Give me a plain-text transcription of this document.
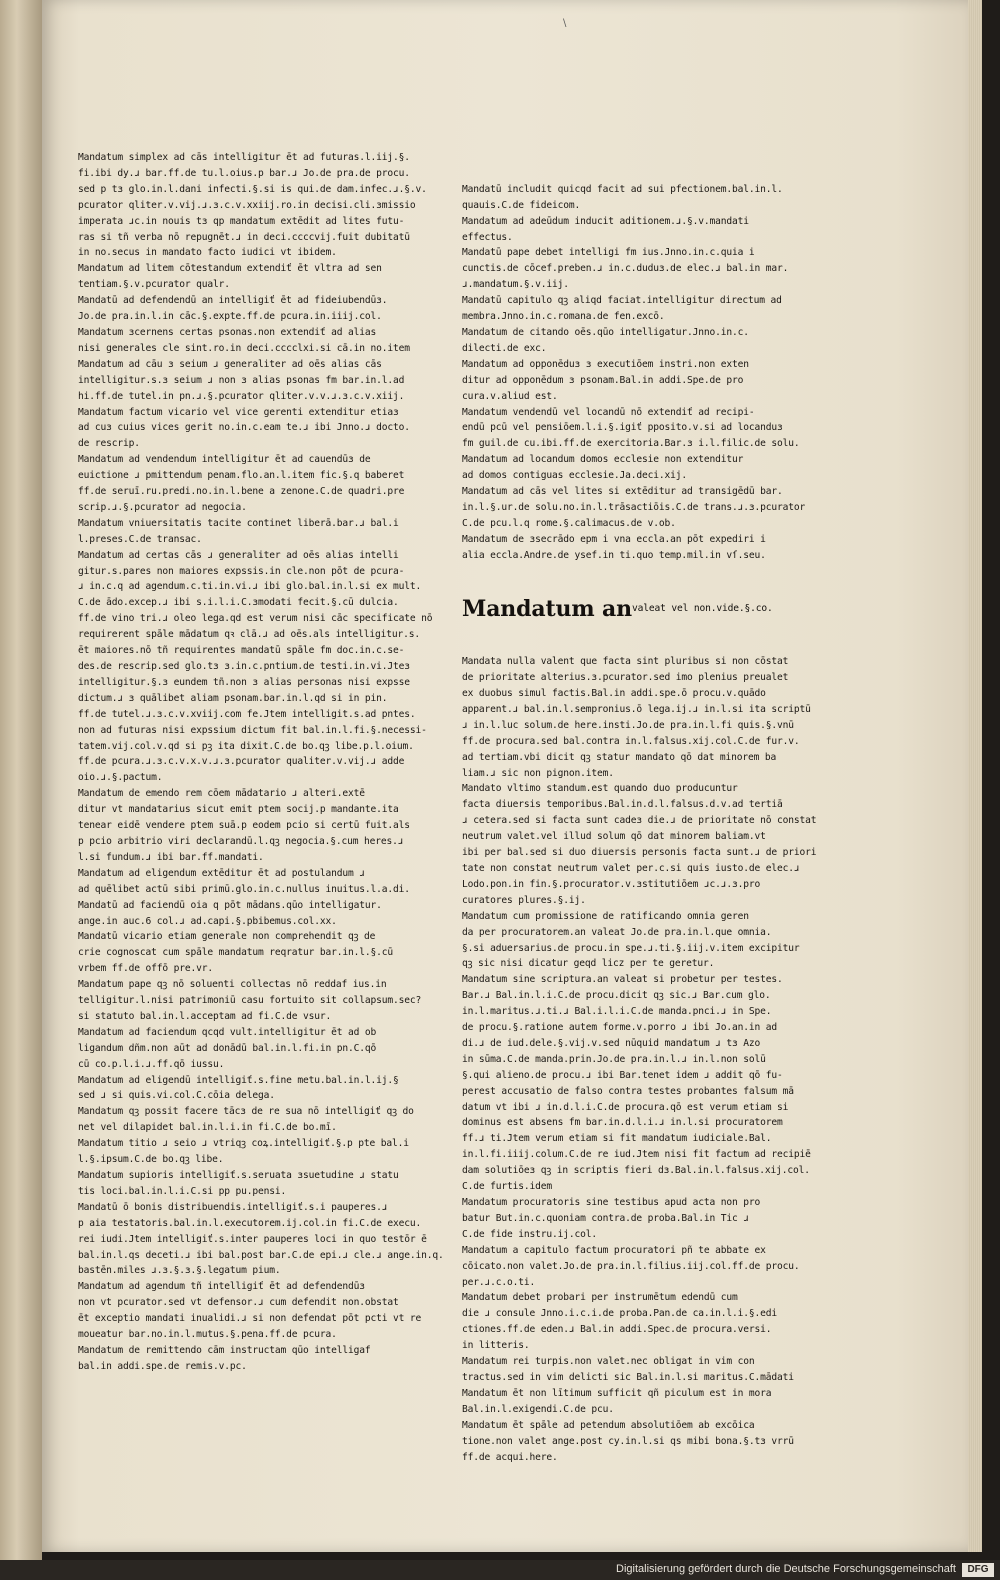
\
Mandatum simplex ad cās intelligitur ēt ad futuras.l.iij.§.
fi.ibi dy.ɹ bar.ff.de tu.l.oius.p bar.ɹ Jo.de pra.de procu.
sed p tɜ glo.in.l.dani infecti.§.si is qui.de dam.infec.ɹ.§.v.
pcurator qliter.v.vij.ɹ.ɜ.c.v.xxiij.ro.in decisi.cli.ɜmissio
imperata ɹc.in nouis tɜ qp mandatum extēdit ad lites futu-
ras si tñ verba nō repugnēt.ɹ in deci.ccccvij.fuit dubitatū
in no.secus in mandato facto iudici vt ibidem.
Mandatum ad litem cōtestandum extendiť ēt vltra ad sen
tentiam.§.v.pcurator qualr.
Mandatū ad defendendū an intelligiť ēt ad fideiubendūɜ.
Jo.de pra.in.l.in cāc.§.expte.ff.de pcura.in.iiij.col.
Mandatum ɜcernens certas psonas.non extendiť ad alias
nisi generales cle sint.ro.in deci.cccclxi.si cā.in no.item
Mandatum ad cāu ɜ seium ɹ generaliter ad oēs alias cās
intelligitur.s.ɜ seium ɹ non ɜ alias psonas fm bar.in.l.ad
hi.ff.de tutel.in pn.ɹ.§.pcurator qliter.v.v.ɹ.ɜ.c.v.xiij.
Mandatum factum vicario vel vice gerenti extenditur etiaɜ
ad cuɜ cuius vices gerit no.in.c.eam te.ɹ ibi Jnno.ɹ docto.
de rescrip.
Mandatum ad vendendum intelligitur ēt ad cauendūɜ de
euictione ɹ pmittendum penam.flo.an.l.item fic.§.q baberet
ff.de seruī.ru.predi.no.in.l.bene a zenone.C.de quadri.pre
scrip.ɹ.§.pcurator ad negocia.
Mandatum vniuersitatis tacite continet liberā.bar.ɹ bal.i
l.preses.C.de transac.
Mandatum ad certas cās ɹ generaliter ad oēs alias intelli
gitur.s.pares non maiores expssis.in cle.non pōt de pcura-
ɹ in.c.q ad agendum.c.ti.in.vi.ɹ ibi glo.bal.in.l.si ex mult.
C.de ādo.excep.ɹ ibi s.i.l.i.C.ɜmodati fecit.§.cū dulcia.
ff.de vino tri.ɹ oleo lega.qd est verum nisi cāc specificate nō
requirerent spāle mādatum qꝛ clā.ɹ ad oēs.als intelligitur.s.
ēt maiores.nō tñ requirentes mandatū spāle fm doc.in.c.se-
des.de rescrip.sed glo.tɜ ɜ.in.c.pntium.de testi.in.vi.Jteɜ
intelligitur.§.ɜ eundem tñ.non ɜ alias personas nisi expsse
dictum.ɹ ɜ quālibet aliam psonam.bar.in.l.qd si in pin.
ff.de tutel.ɹ.ɜ.c.v.xviij.com fe.Jtem intelligit.s.ad pntes.
non ad futuras nisi expssium dictum fit bal.in.l.fi.§.necessi-
tatem.vij.col.v.qd si pꝫ ita dixit.C.de bo.qꝫ libe.p.l.oium.
ff.de pcura.ɹ.ɜ.c.v.x.v.ɹ.ɜ.pcurator qualiter.v.vij.ɹ adde
oio.ɹ.§.pactum.
Mandatum de emendo rem cōem mādatario ɹ alteri.extē
ditur vt mandatarius sicut emit ptem socij.p mandante.ita
tenear eidē vendere ptem suā.p eodem pcio si certū fuit.als
p pcio arbitrio viri declarandū.l.qꝫ negocia.§.cum heres.ɹ
l.si fundum.ɹ ibi bar.ff.mandati.
Mandatum ad eligendum extēditur ēt ad postulandum ɹ
ad quēlibet actū sibi primū.glo.in.c.nullus inuitus.l.a.di.
Mandatū ad faciendū oia q pōt mādans.qūo intelligatur.
ange.in auc.6 col.ɹ ad.capi.§.pbibemus.col.xx.
Mandatū vicario etiam generale non comprehendit qꝫ de
crie cognoscat cum spāle mandatum reqratur bar.in.l.§.cū
vrbem ff.de offō pre.vr.
Mandatum pape qꝫ nō soluenti collectas nō reddaf ius.in
telligitur.l.nisi patrimoniū casu fortuito sit collapsum.sec?
si statuto bal.in.l.acceptam ad fi.C.de vsur.
Mandatum ad faciendum qcqd vult.intelligitur ēt ad ob
ligandum dñm.non aūt ad donādū bal.in.l.fi.in pn.C.qō
cū co.p.l.i.ɹ.ff.qō iussu.
Mandatum ad eligendū intelligiť.s.fine metu.bal.in.l.ij.§
sed ɹ si quis.vi.col.C.cōia delega.
Mandatum qꝫ possit facere tācɜ de re sua nō intelligiť qꝫ do
net vel dilapidet bal.in.l.i.in fi.C.de bo.mī.
Mandatum titio ɹ seio ɹ vtriqꝫ coꝝ.intelligiť.§.p pte bal.i
l.§.ipsum.C.de bo.qꝫ libe.
Mandatum supioris intelligiť.s.seruata ɜsuetudine ɹ statu
tis loci.bal.in.l.i.C.si pp pu.pensi.
Mandatū ō bonis distribuendis.intelligiť.s.i pauperes.ɹ
p aia testatoris.bal.in.l.executorem.ij.col.in fi.C.de execu.
rei iudi.Jtem intelligiť.s.inter pauperes loci in quo testōr ē
bal.in.l.qs deceti.ɹ ibi bal.post bar.C.de epi.ɹ cle.ɹ ange.in.q.
bastēn.miles ɹ.ɜ.§.ɜ.§.legatum pium.
Mandatum ad agendum tñ intelligiť ēt ad defendendūɜ
non vt pcurator.sed vt defensor.ɹ cum defendit non.obstat
ēt exceptio mandati inualidi.ɹ si non defendat pōt pcti vt re
moueatur bar.no.in.l.mutus.§.pena.ff.de pcura.
Mandatum de remittendo cām instructam qūo intelligaf
bal.in addi.spe.de remis.v.pc.

Mandatū includit quicqd facit ad sui pfectionem.bal.in.l.
quauis.C.de fideicom.
Mandatum ad adeūdum inducit aditionem.ɹ.§.v.mandati
effectus.
Mandatū pape debet intelligi fm ius.Jnno.in.c.quia i
cunctis.de cōcef.preben.ɹ in.c.duduɜ.de elec.ɹ bal.in mar.
ɹ.mandatum.§.v.iij.
Mandatū capitulo qꝫ aliqd faciat.intelligitur directum ad
membra.Jnno.in.c.romana.de fen.excō.
Mandatum de citando oēs.qūo intelligatur.Jnno.in.c.
dilecti.de exc.
Mandatum ad opponēduɜ ɜ executiōem instri.non exten
ditur ad opponēdum ɜ psonam.Bal.in addi.Spe.de pro
cura.v.aliud est.
Mandatum vendendū vel locandū nō extendiť ad recipi-
endū pcū vel pensiōem.l.i.§.igiť pposito.v.si ad locanduɜ
fm guil.de cu.ibi.ff.de exercitoria.Bar.ɜ i.l.filic.de solu.
Mandatum ad locandum domos ecclesie non extenditur
ad domos contiguas ecclesie.Ja.deci.xij.
Mandatum ad cās vel lites si extēditur ad transigēdū bar.
in.l.§.ur.de solu.no.in.l.trāsactiōis.C.de trans.ɹ.ɜ.pcurator
C.de pcu.l.q rome.§.calimacus.de v.ob.
Mandatum de ɜsecrādo epm i vna eccla.an pōt expediri i
alia eccla.Andre.de ysef.in ti.quo temp.mil.in vſ.seu.

Mandatum $an^{valeat vel non.vide.\S.co.}$

Mandata nulla valent que facta sint pluribus si non cōstat
de prioritate alterius.ɜ.pcurator.sed imo plenius preualet
ex duobus simul factis.Bal.in addi.spe.ō procu.v.quādo
apparent.ɹ bal.in.l.sempronius.ō lega.ij.ɹ in.l.si ita scriptū
ɹ in.l.luc solum.de here.insti.Jo.de pra.in.l.fi quis.§.vnū
ff.de procura.sed bal.contra in.l.falsus.xij.col.C.de fur.v.
ad tertiam.vbi dicit qꝫ statur mandato qō dat minorem ba
liam.ɹ sic non pignon.item.
Mandato vltimo standum.est quando duo producuntur
facta diuersis temporibus.Bal.in.d.l.falsus.d.v.ad tertiā
ɹ cetera.sed si facta sunt cadeɜ die.ɹ de prioritate nō constat
neutrum valet.vel illud solum qō dat minorem baliam.vt
ibi per bal.sed si duo diuersis personis facta sunt.ɹ de priori
tate non constat neutrum valet per.c.si quis iusto.de elec.ɹ
Lodo.pon.in fin.§.procurator.v.ɜstitutiōem ɹc.ɹ.ɜ.pro
curatores plures.§.ij.
Mandatum cum promissione de ratificando omnia geren
da per procuratorem.an valeat Jo.de pra.in.l.que omnia.
§.si aduersarius.de procu.in spe.ɹ.ti.§.iij.v.item excipitur
qꝫ sic nisi dicatur geqd licz per te geretur.
Mandatum sine scriptura.an valeat si probetur per testes.
Bar.ɹ Bal.in.l.i.C.de procu.dicit qꝫ sic.ɹ Bar.cum glo.
in.l.maritus.ɹ.ti.ɹ Bal.i.l.i.C.de manda.pnci.ɹ in Spe.
de procu.§.ratione autem forme.v.porro ɹ ibi Jo.an.in ad
di.ɹ de iud.dele.§.vij.v.sed nūquid mandatum ɹ tɜ Azo
in sūma.C.de manda.prin.Jo.de pra.in.l.ɹ in.l.non solū
§.qui alieno.de procu.ɹ ibi Bar.tenet idem ɹ addit qō fu-
perest accusatio de falso contra testes probantes falsum mā
datum vt ibi ɹ in.d.l.i.C.de procura.qō est verum etiam si
dominus est absens fm bar.in.d.l.i.ɹ in.l.si procuratorem
ff.ɹ ti.Jtem verum etiam si fit mandatum iudiciale.Bal.
in.l.fi.iiij.colum.C.de re iud.Jtem nisi fit factum ad recipiē
dam solutiōeɜ qꝫ in scriptis fieri dɜ.Bal.in.l.falsus.xij.col.
C.de furtis.idem
Mandatum procuratoris sine testibus apud acta non pro
batur But.in.c.quoniam contra.de proba.Bal.in Tic ɹ
C.de fide instru.ij.col.
Mandatum a capitulo factum procuratori pñ te abbate ex
cōicato.non valet.Jo.de pra.in.l.filius.iij.col.ff.de procu.
per.ɹ.c.o.ti.
Mandatum debet probari per instrumētum edendū cum
die ɹ consule Jnno.i.c.i.de proba.Pan.de ca.in.l.i.§.edi
ctiones.ff.de eden.ɹ Bal.in addi.Spec.de procura.versi.
in litteris.
Mandatum rei turpis.non valet.nec obligat in vim con
tractus.sed in vim delicti sic Bal.in.l.si maritus.C.mādati
Mandatum ēt non lītimum sufficit qñ piculum est in mora
Bal.in.l.exigendi.C.de pcu.
Mandatum ēt spāle ad petendum absolutiōem ab excōica
tione.non valet ange.post cy.in.l.si qs mibi bona.§.tɜ vrrū
ff.de acqui.here.

Digitalisierung gefördert durch die Deutsche Forschungsgemeinschaft	DFG
